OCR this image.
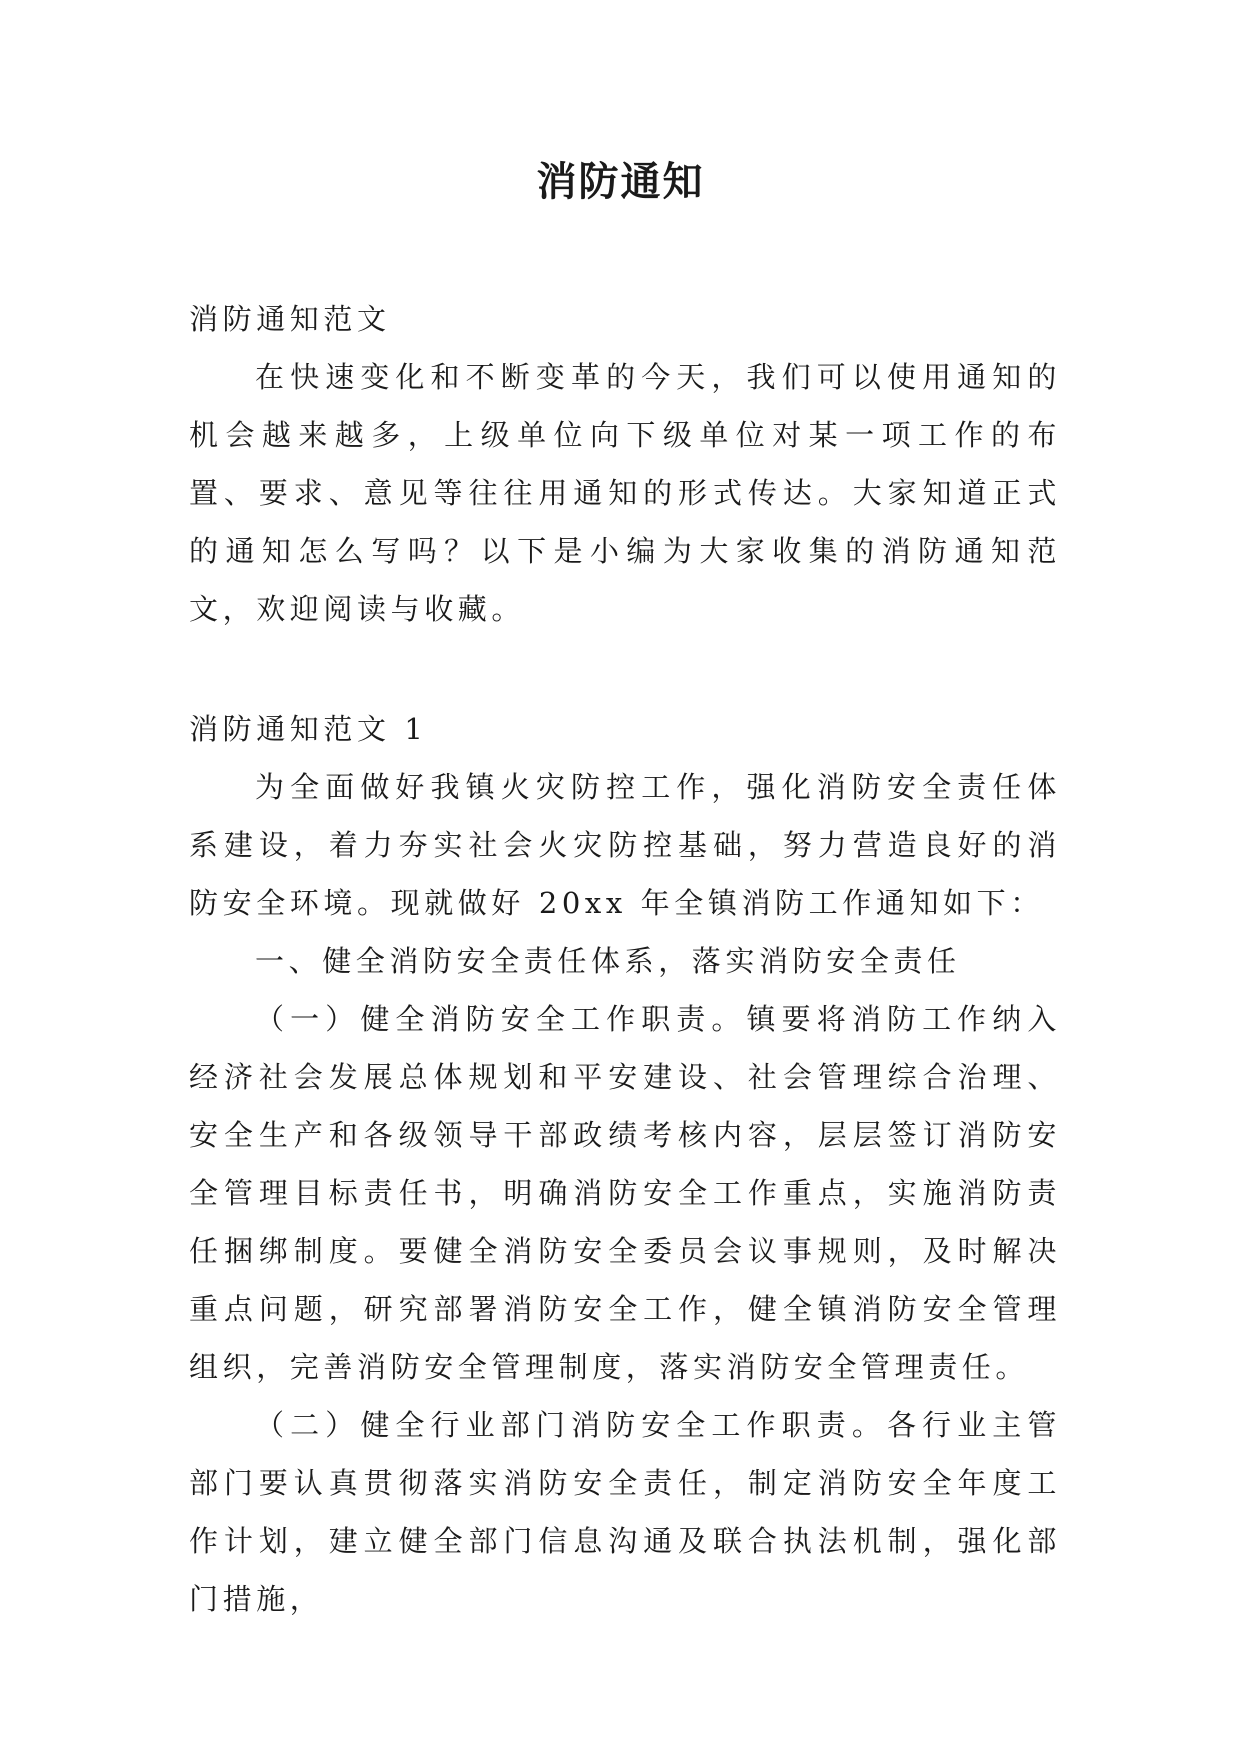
消防通知

消防通知范文

在快速变化和不断变革的今天，我们可以使用通知的机会越来越多，上级单位向下级单位对某一项工作的布置、要求、意见等往往用通知的形式传达。大家知道正式的通知怎么写吗？以下是小编为大家收集的消防通知范文，欢迎阅读与收藏。

消防通知范文 1

为全面做好我镇火灾防控工作，强化消防安全责任体系建设，着力夯实社会火灾防控基础，努力营造良好的消防安全环境。现就做好 20xx 年全镇消防工作通知如下：

一、健全消防安全责任体系，落实消防安全责任

（一）健全消防安全工作职责。镇要将消防工作纳入经济社会发展总体规划和平安建设、社会管理综合治理、安全生产和各级领导干部政绩考核内容，层层签订消防安全管理目标责任书，明确消防安全工作重点，实施消防责任捆绑制度。要健全消防安全委员会议事规则，及时解决重点问题，研究部署消防安全工作，健全镇消防安全管理组织，完善消防安全管理制度，落实消防安全管理责任。

（二）健全行业部门消防安全工作职责。各行业主管部门要认真贯彻落实消防安全责任，制定消防安全年度工作计划，建立健全部门信息沟通及联合执法机制，强化部门措施，
